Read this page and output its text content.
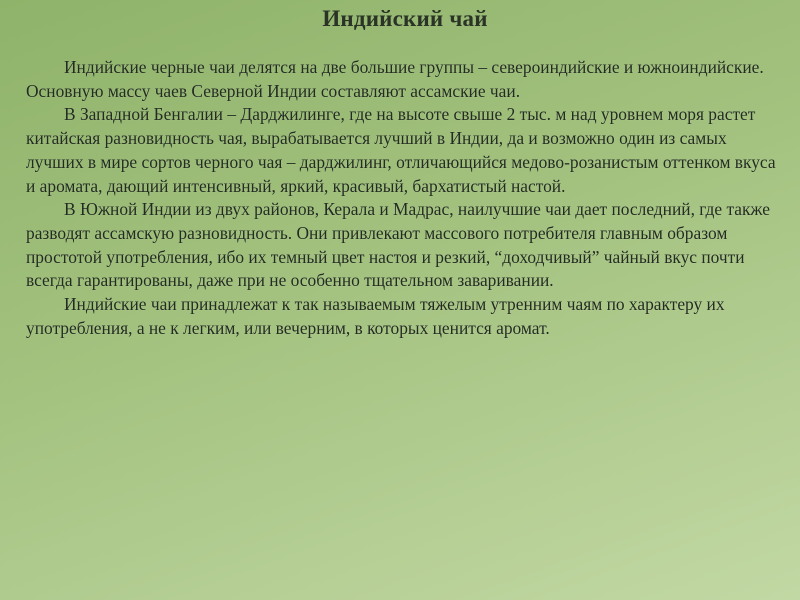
Индийский чай

Индийские черные чаи делятся на две большие группы – североиндийские и южноиндийские. Основную массу чаев Северной Индии составляют ассамские чаи.

В Западной Бенгалии – Дарджилинге, где на высоте свыше 2 тыс. м над уровнем моря растет китайская разновидность чая, вырабатывается лучший в Индии, да и возможно один из самых лучших в мире сортов черного чая – дарджилинг, отличающийся медово-розанистым оттенком вкуса и аромата, дающий интенсивный, яркий, красивый, бархатистый настой.

В Южной Индии из двух районов, Керала и Мадрас, наилучшие чаи дает последний, где также разводят ассамскую разновидность. Они привлекают массового потребителя главным образом простотой употребления, ибо их темный цвет настоя и резкий, “доходчивый” чайный вкус почти всегда гарантированы, даже при не особенно тщательном заваривании.

Индийские чаи принадлежат к так называемым тяжелым утренним чаям по характеру их употребления, а не к легким, или вечерним, в которых ценится аромат.
